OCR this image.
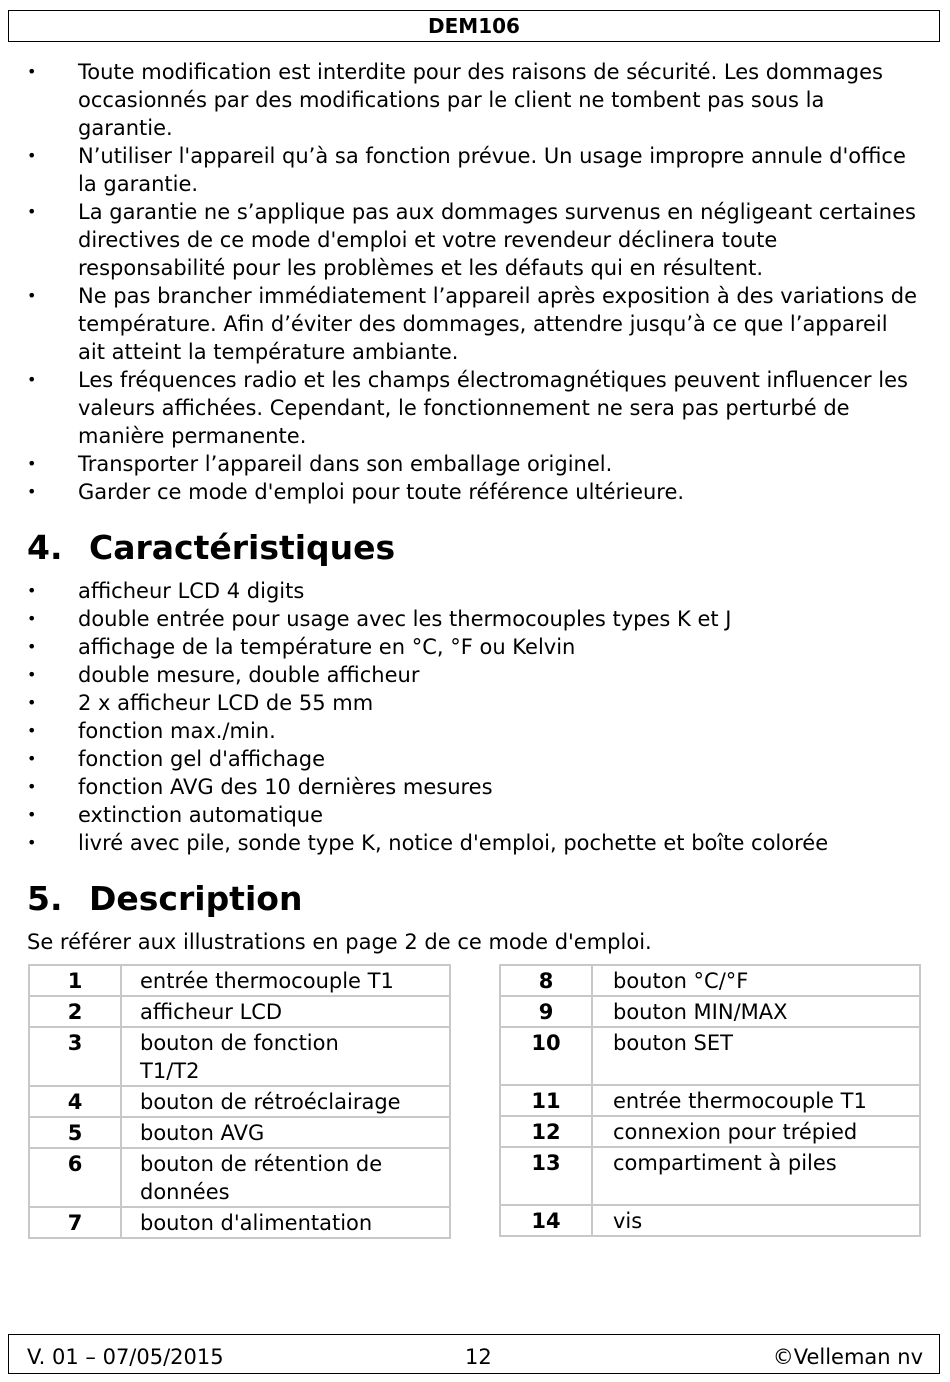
DEM106
• Toute modification est interdite pour des raisons de sécurité. Les dommages occasionnés par des modifications par le client ne tombent pas sous la garantie.
• N’utiliser l'appareil qu’à sa fonction prévue. Un usage impropre annule d'office la garantie.
• La garantie ne s’applique pas aux dommages survenus en négligeant certaines directives de ce mode d'emploi et votre revendeur déclinera toute responsabilité pour les problèmes et les défauts qui en résultent.
• Ne pas brancher immédiatement l’appareil après exposition à des variations de température. Afin d’éviter des dommages, attendre jusqu’à ce que l’appareil ait atteint la température ambiante.
• Les fréquences radio et les champs électromagnétiques peuvent influencer les valeurs affichées. Cependant, le fonctionnement ne sera pas perturbé de manière permanente.
• Transporter l’appareil dans son emballage originel.
• Garder ce mode d'emploi pour toute référence ultérieure.
4. Caractéristiques
• afficheur LCD 4 digits
• double entrée pour usage avec les thermocouples types K et J
• affichage de la température en °C, °F ou Kelvin
• double mesure, double afficheur
• 2 x afficheur LCD de 55 mm
• fonction max./min.
• fonction gel d'affichage
• fonction AVG des 10 dernières mesures
• extinction automatique
• livré avec pile, sonde type K, notice d'emploi, pochette et boîte colorée
5. Description
Se référer aux illustrations en page 2 de ce mode d'emploi.
1	entrée thermocouple T1
2	afficheur LCD
3	bouton de fonction T1/T2
4	bouton de rétroéclairage
5	bouton AVG
6	bouton de rétention de données
7	bouton d'alimentation
8	bouton °C/°F
9	bouton MIN/MAX
10	bouton SET
11	entrée thermocouple T1
12	connexion pour trépied
13	compartiment à piles
14	vis
V. 01 – 07/05/2015	12	©Velleman nv
